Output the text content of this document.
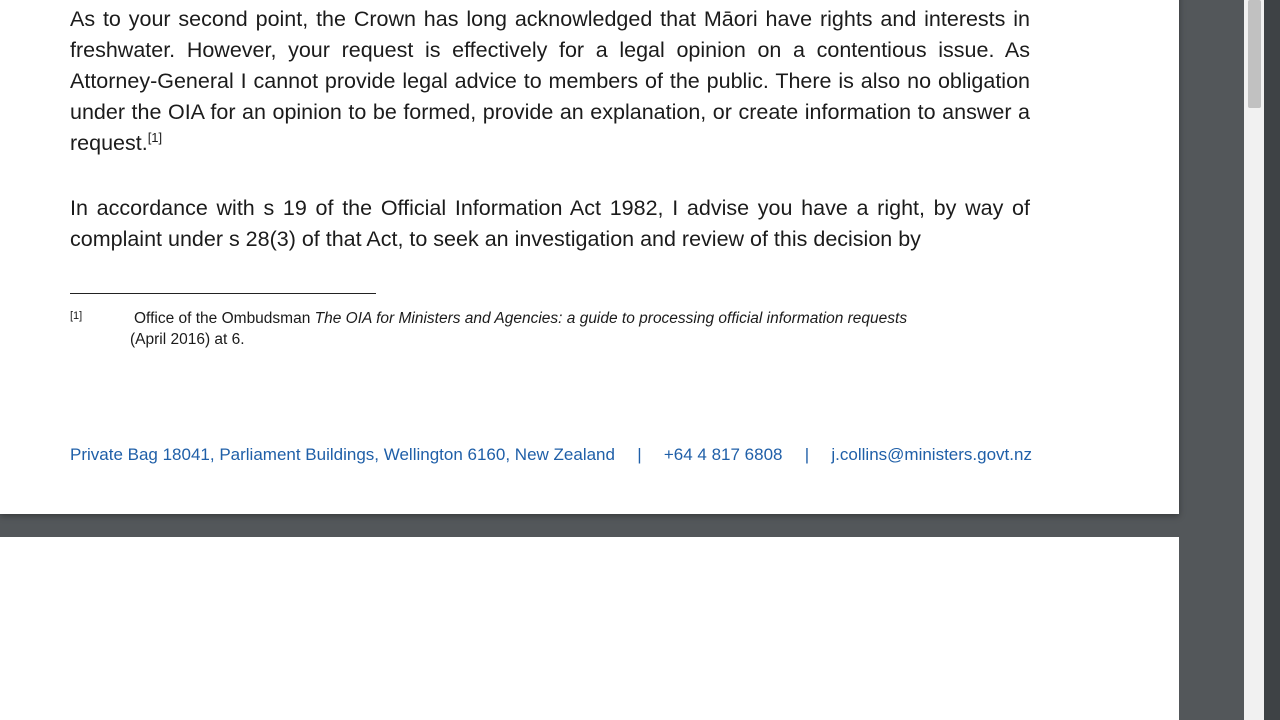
As to your second point, the Crown has long acknowledged that Māori have rights and interests in freshwater. However, your request is effectively for a legal opinion on a contentious issue. As Attorney-General I cannot provide legal advice to members of the public. There is also no obligation under the OIA for an opinion to be formed, provide an explanation, or create information to answer a request.[1]

In accordance with s 19 of the Official Information Act 1982, I advise you have a right, by way of complaint under s 28(3) of that Act, to seek an investigation and review of this decision by

[1]	Office of the Ombudsman The OIA for Ministers and Agencies: a guide to processing official information requests
(April 2016) at 6.
Private Bag 18041, Parliament Buildings, Wellington 6160, New Zealand | +64 4 817 6808 | j.collins@ministers.govt.nz
